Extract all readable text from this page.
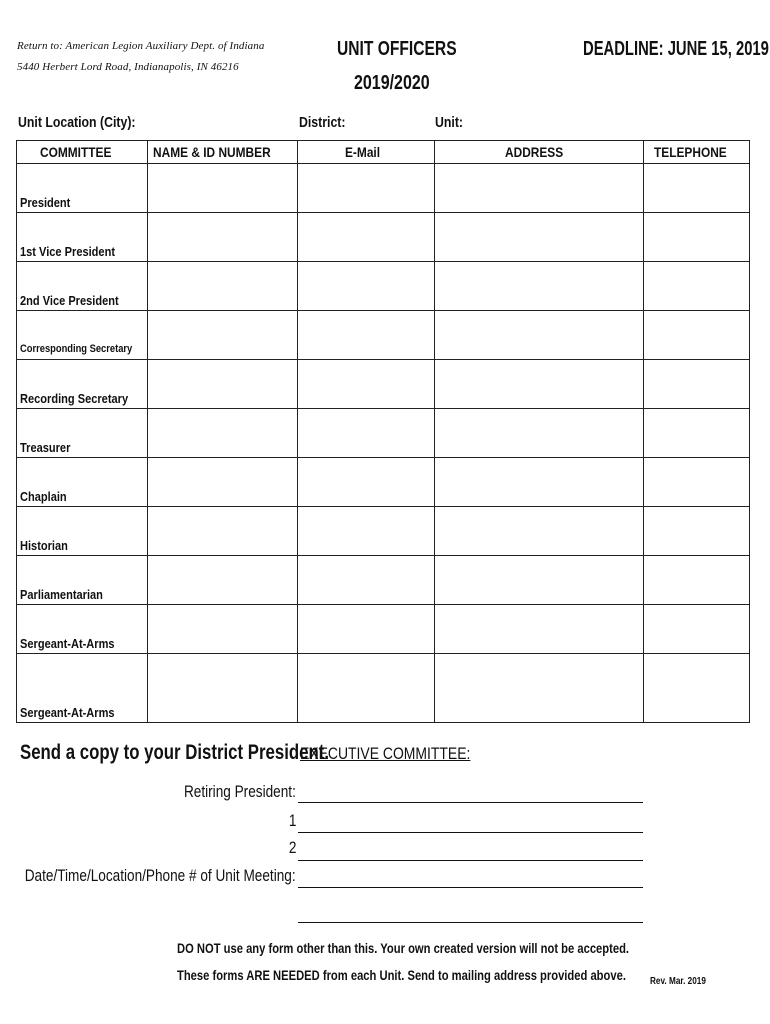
Return to: American Legion Auxiliary Dept. of Indiana
5440 Herbert Lord Road, Indianapolis, IN 46216
UNIT OFFICERS
2019/2020
DEADLINE: JUNE 15, 2019
Unit Location (City):	District:	Unit:
COMMITTEE	NAME & ID NUMBER	E-Mail	ADDRESS	TELEPHONE
President				
1st Vice President				
2nd Vice President				
Corresponding Secretary				
Recording Secretary				
Treasurer				
Chaplain				
Historian				
Parliamentarian				
Sergeant-At-Arms				
Sergeant-At-Arms				
Send a copy to your District President.
EXECUTIVE COMMITTEE:
Retiring President:
1
2
Date/Time/Location/Phone # of Unit Meeting:
DO NOT use any form other than this. Your own created version will not be accepted.
These forms ARE NEEDED from each Unit. Send to mailing address provided above.	Rev. Mar. 2019
